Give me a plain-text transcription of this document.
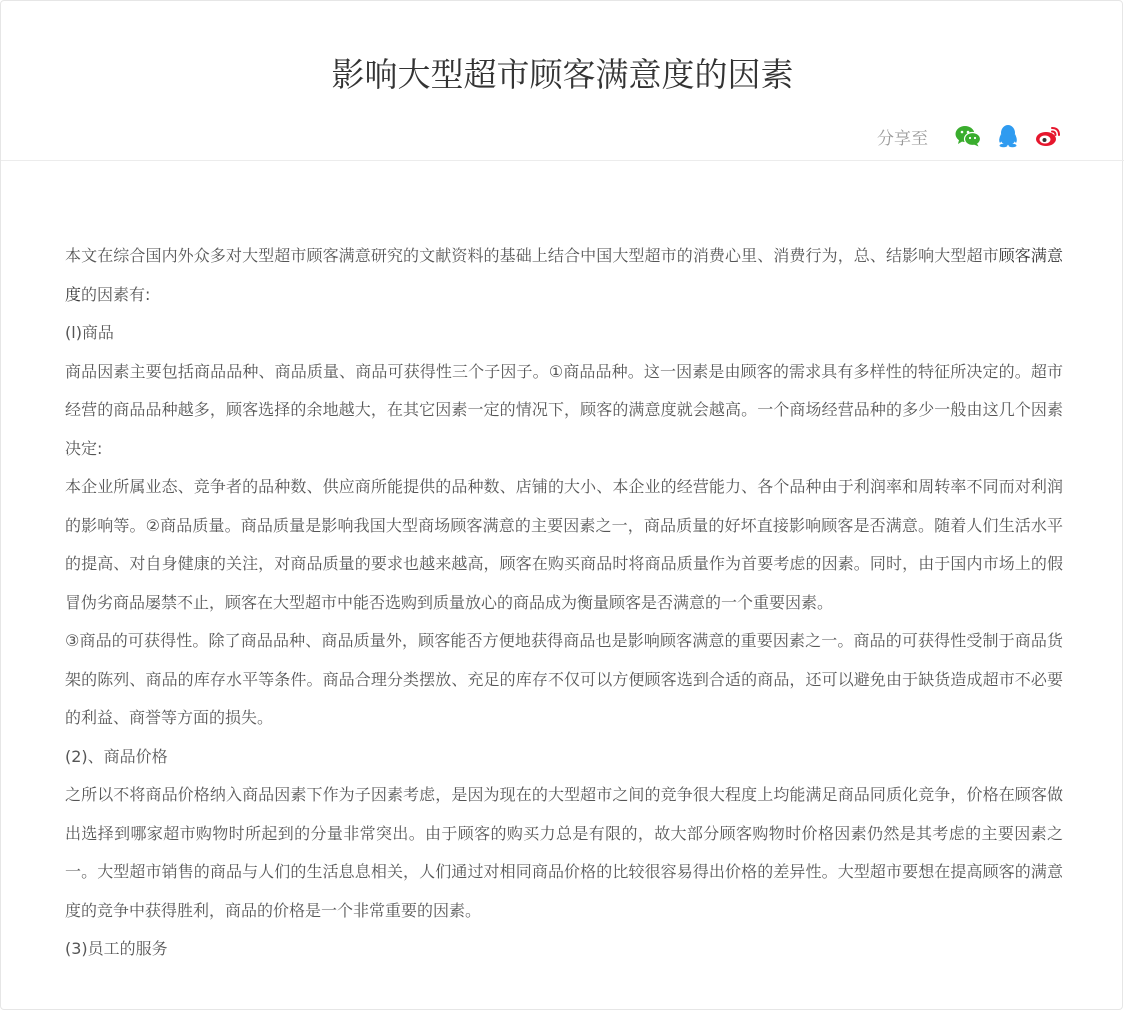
影响大型超市顾客满意度的因素
分享至

本文在综合国内外众多对大型超市顾客满意研究的文献资料的基础上结合中国大型超市的消费心里、消费行为，总、结影响大型超市顾客满意度的因素有:

(l)商品

商品因素主要包括商品品种、商品质量、商品可获得性三个子因子。①商品品种。这一因素是由顾客的需求具有多样性的特征所决定的。超市经营的商品品种越多，顾客选择的余地越大，在其它因素一定的情况下，顾客的满意度就会越高。一个商场经营品种的多少一般由这几个因素决定:

本企业所属业态、竞争者的品种数、供应商所能提供的品种数、店铺的大小、本企业的经营能力、各个品种由于利润率和周转率不同而对利润的影响等。②商品质量。商品质量是影响我国大型商场顾客满意的主要因素之一，商品质量的好坏直接影响顾客是否满意。随着人们生活水平的提高、对自身健康的关注，对商品质量的要求也越来越高，顾客在购买商品时将商品质量作为首要考虑的因素。同时，由于国内市场上的假冒伪劣商品屡禁不止，顾客在大型超市中能否选购到质量放心的商品成为衡量顾客是否满意的一个重要因素。

③商品的可获得性。除了商品品种、商品质量外，顾客能否方便地获得商品也是影响顾客满意的重要因素之一。商品的可获得性受制于商品货架的陈列、商品的库存水平等条件。商品合理分类摆放、充足的库存不仅可以方便顾客选到合适的商品，还可以避免由于缺货造成超市不必要的利益、商誉等方面的损失。

(2)、商品价格

之所以不将商品价格纳入商品因素下作为子因素考虑，是因为现在的大型超市之间的竞争很大程度上均能满足商品同质化竞争，价格在顾客做出选择到哪家超市购物时所起到的分量非常突出。由于顾客的购买力总是有限的，故大部分顾客购物时价格因素仍然是其考虑的主要因素之一。大型超市销售的商品与人们的生活息息相关，人们通过对相同商品价格的比较很容易得出价格的差异性。大型超市要想在提高顾客的满意度的竞争中获得胜利，商品的价格是一个非常重要的因素。

(3)员工的服务
